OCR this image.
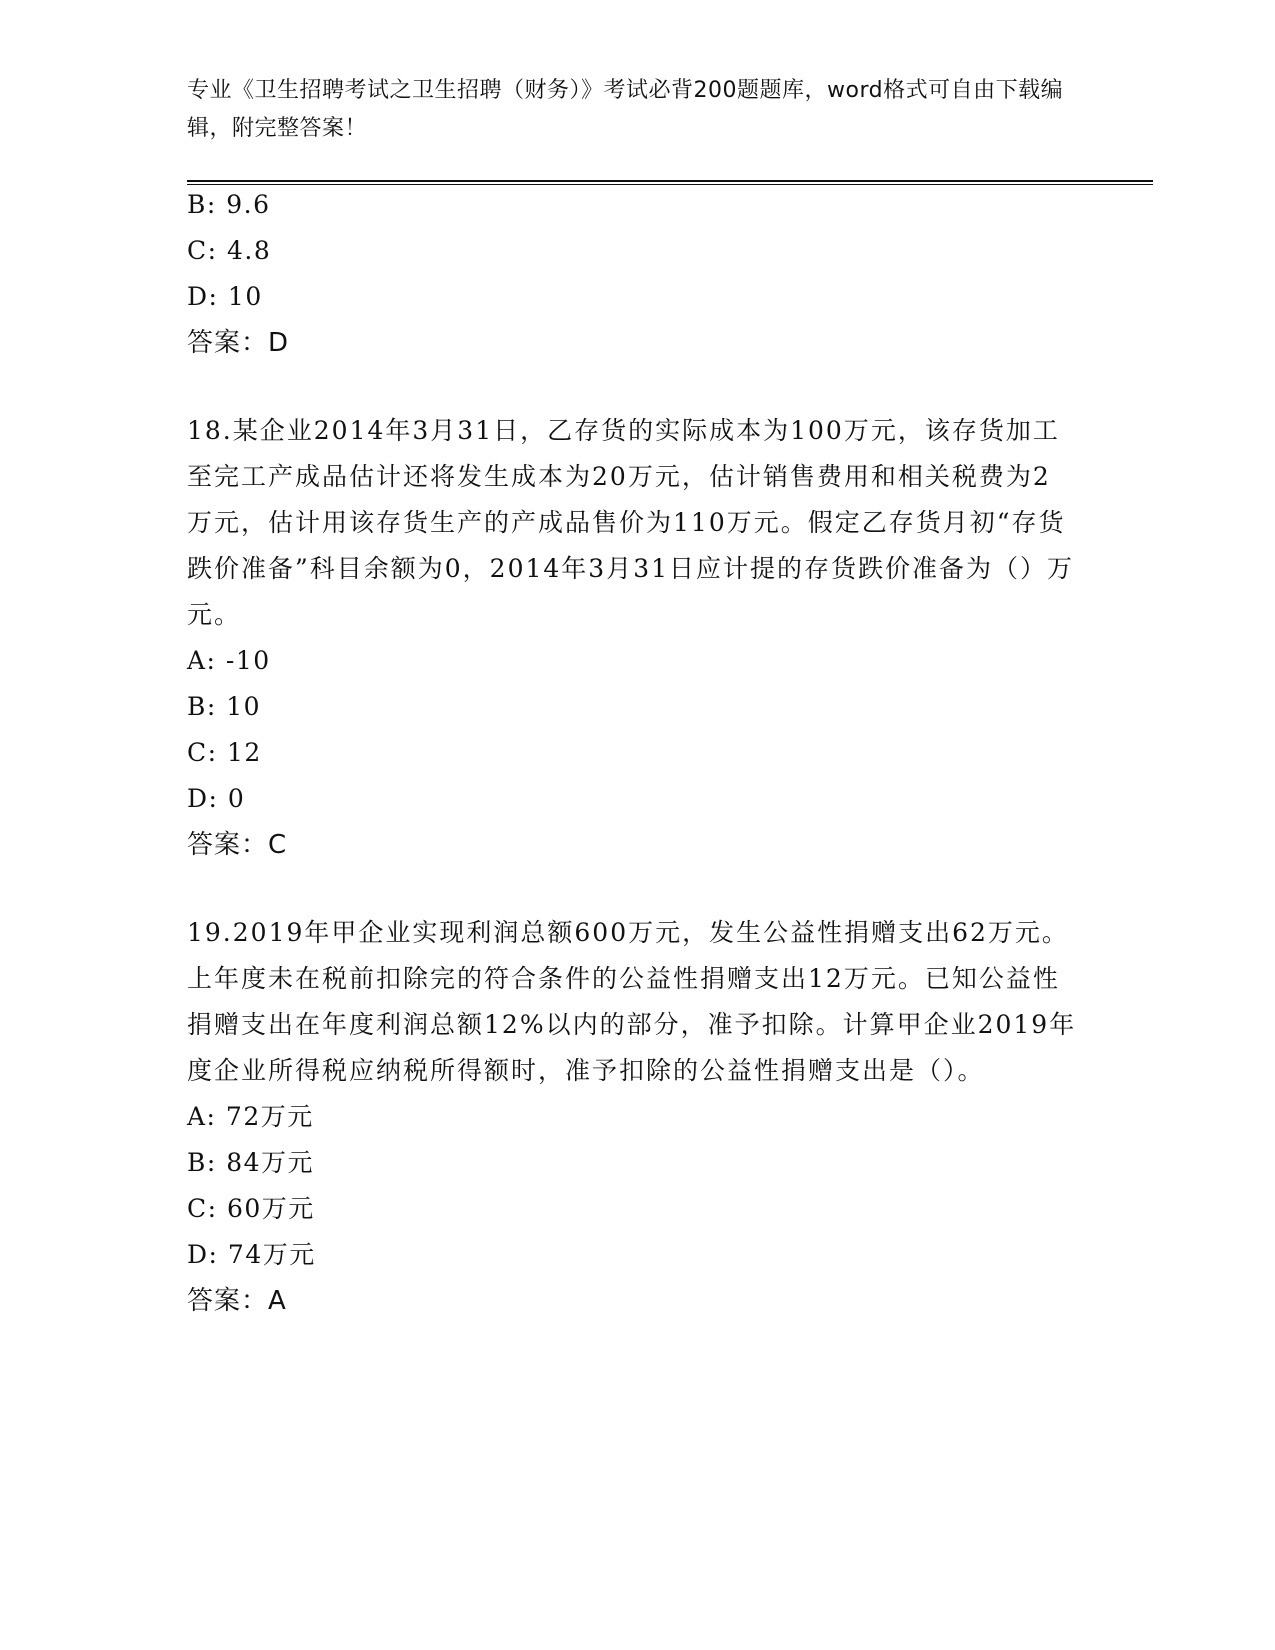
专业《卫生招聘考试之卫生招聘（财务）》考试必背200题题库，word格式可自由下载编辑，附完整答案！
B: 9.6
C: 4.8
D: 10
答案：D
18.某企业2014年3月31日，乙存货的实际成本为100万元，该存货加工至完工产成品估计还将发生成本为20万元，估计销售费用和相关税费为2万元，估计用该存货生产的产成品售价为110万元。假定乙存货月初“存货跌价准备”科目余额为0，2014年3月31日应计提的存货跌价准备为（）万元。
A: -10
B: 10
C: 12
D: 0
答案：C
19.2019年甲企业实现利润总额600万元，发生公益性捐赠支出62万元。上年度未在税前扣除完的符合条件的公益性捐赠支出12万元。已知公益性捐赠支出在年度利润总额12%以内的部分，准予扣除。计算甲企业2019年度企业所得税应纳税所得额时，准予扣除的公益性捐赠支出是（）。
A: 72万元
B: 84万元
C: 60万元
D: 74万元
答案：A
